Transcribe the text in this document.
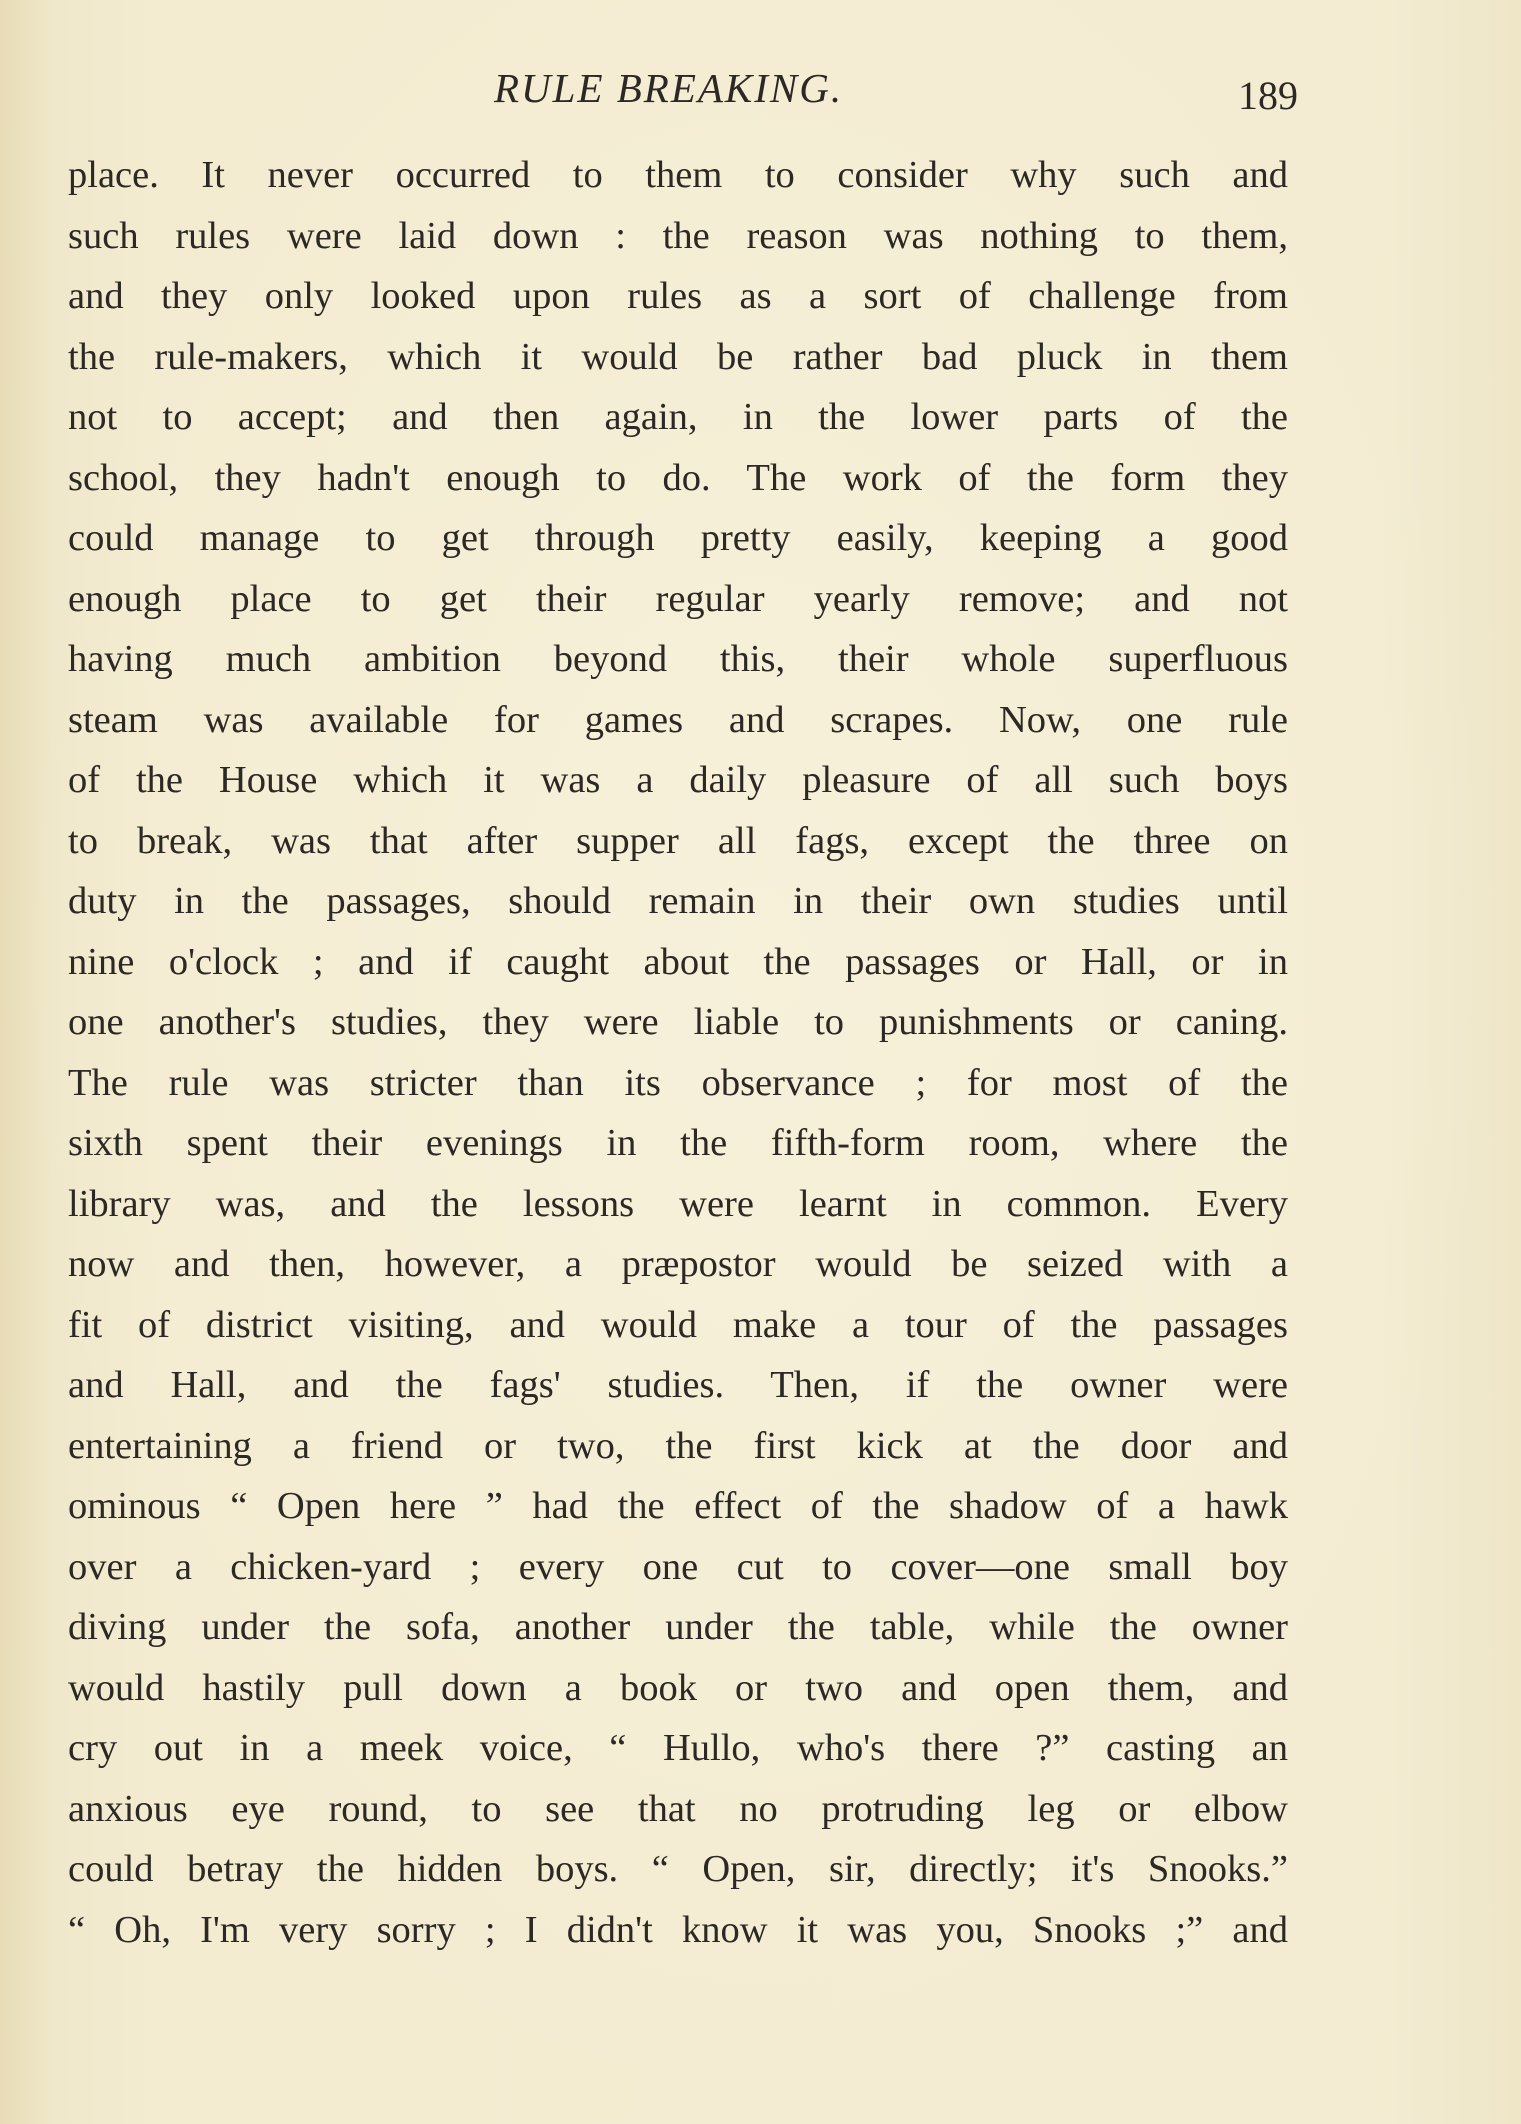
RULE BREAKING.	189
place. It never occurred to them to consider why such and
such rules were laid down : the reason was nothing to them,
and they only looked upon rules as a sort of challenge from
the rule-makers, which it would be rather bad pluck in them
not to accept; and then again, in the lower parts of the
school, they hadn't enough to do. The work of the form they
could manage to get through pretty easily, keeping a good
enough place to get their regular yearly remove; and not
having much ambition beyond this, their whole superfluous
steam was available for games and scrapes. Now, one rule
of the House which it was a daily pleasure of all such boys
to break, was that after supper all fags, except the three on
duty in the passages, should remain in their own studies until
nine o'clock ; and if caught about the passages or Hall, or in
one another's studies, they were liable to punishments or caning.
The rule was stricter than its observance ; for most of the
sixth spent their evenings in the fifth-form room, where the
library was, and the lessons were learnt in common. Every
now and then, however, a præpostor would be seized with a
fit of district visiting, and would make a tour of the passages
and Hall, and the fags' studies. Then, if the owner were
entertaining a friend or two, the first kick at the door and
ominous “ Open here ” had the effect of the shadow of a hawk
over a chicken-yard ; every one cut to cover—one small boy
diving under the sofa, another under the table, while the owner
would hastily pull down a book or two and open them, and
cry out in a meek voice, “ Hullo, who's there ?” casting an
anxious eye round, to see that no protruding leg or elbow
could betray the hidden boys. “ Open, sir, directly; it's Snooks.”
“ Oh, I'm very sorry ; I didn't know it was you, Snooks ;” and
